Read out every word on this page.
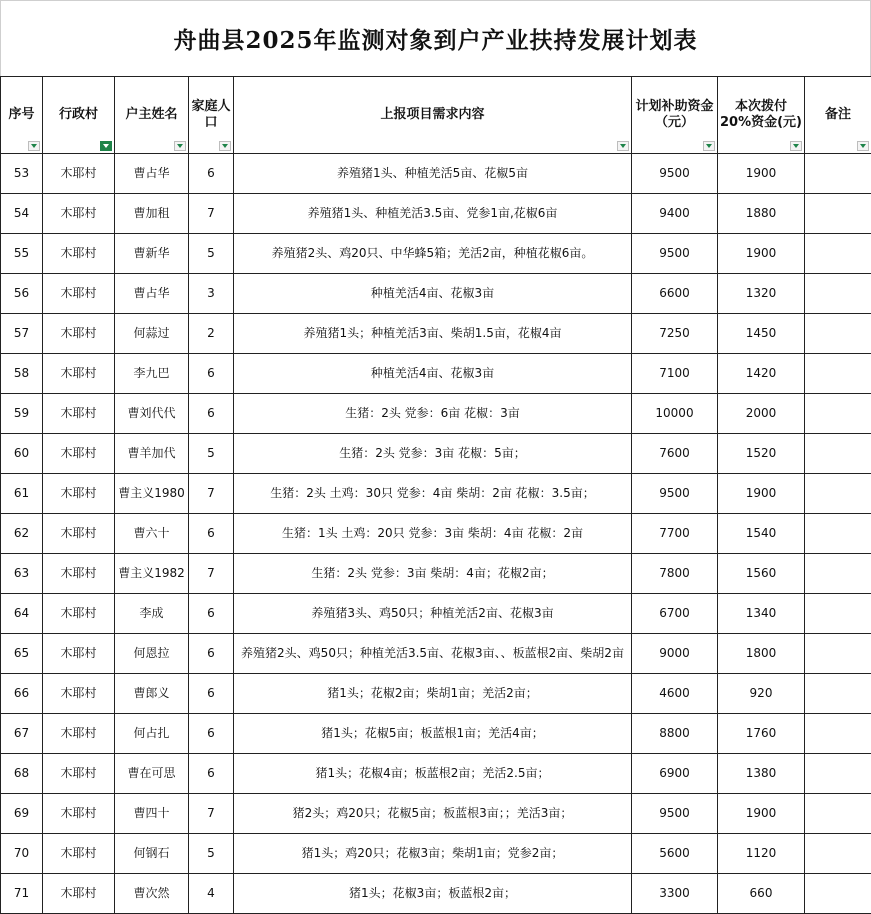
舟曲县2025年监测对象到户产业扶持发展计划表
序号	行政村	户主姓名	家庭人口	上报项目需求内容	计划补助资金（元）	本次拨付20%资金(元)	备注

53	木耶村	曹占华	6	养殖猪1头、种植羌活5亩、花椒5亩	9500	1900	
54	木耶村	曹加租	7	养殖猪1头、种植羌活3.5亩、党参1亩,花椒6亩	9400	1880	
55	木耶村	曹新华	5	养殖猪2头、鸡20只、中华蜂5箱；羌活2亩，种植花椒6亩。	9500	1900	
56	木耶村	曹占华	3	种植羌活4亩、花椒3亩	6600	1320	
57	木耶村	何蒜过	2	养殖猪1头；种植羌活3亩、柴胡1.5亩，花椒4亩	7250	1450	
58	木耶村	李九巴	6	种植羌活4亩、花椒3亩	7100	1420	
59	木耶村	曹刘代代	6	生猪：2头 党参：6亩 花椒：3亩	10000	2000	
60	木耶村	曹羊加代	5	生猪：2头 党参：3亩 花椒：5亩；	7600	1520	
61	木耶村	曹主义1980	7	生猪：2头 土鸡：30只 党参：4亩 柴胡：2亩 花椒：3.5亩；	9500	1900	
62	木耶村	曹六十	6	生猪：1头 土鸡：20只 党参：3亩 柴胡：4亩 花椒：2亩	7700	1540	
63	木耶村	曹主义1982	7	生猪：2头 党参：3亩 柴胡：4亩；花椒2亩；	7800	1560	
64	木耶村	李成	6	养殖猪3头、鸡50只；种植羌活2亩、花椒3亩	6700	1340	
65	木耶村	何恩拉	6	养殖猪2头、鸡50只；种植羌活3.5亩、花椒3亩、、板蓝根2亩、柴胡2亩	9000	1800	
66	木耶村	曹郎义	6	猪1头；花椒2亩；柴胡1亩；羌活2亩；	4600	920	
67	木耶村	何占扎	6	猪1头；花椒5亩；板蓝根1亩；羌活4亩；	8800	1760	
68	木耶村	曹在可思	6	猪1头；花椒4亩；板蓝根2亩；羌活2.5亩；	6900	1380	
69	木耶村	曹四十	7	猪2头；鸡20只；花椒5亩；板蓝根3亩；；羌活3亩；	9500	1900	
70	木耶村	何钢石	5	猪1头；鸡20只；花椒3亩；柴胡1亩；党参2亩；	5600	1120	
71	木耶村	曹次然	4	猪1头；花椒3亩；板蓝根2亩；	3300	660	
